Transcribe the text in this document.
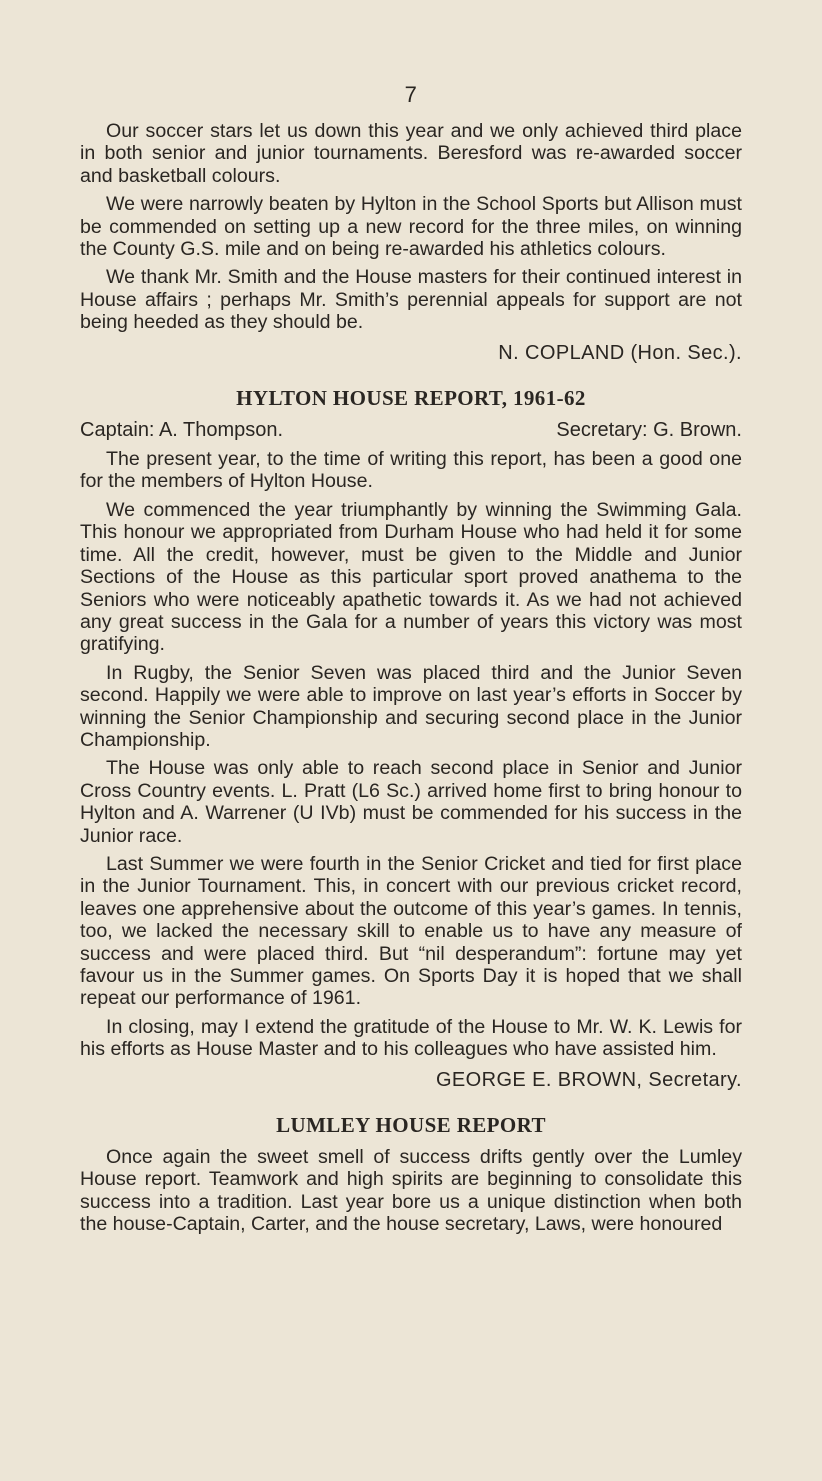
7

Our soccer stars let us down this year and we only achieved third place in both senior and junior tournaments. Beresford was re-awarded soccer and basketball colours.

We were narrowly beaten by Hylton in the School Sports but Allison must be commended on setting up a new record for the three miles, on winning the County G.S. mile and on being re-awarded his athletics colours.

We thank Mr. Smith and the House masters for their continued interest in House affairs ; perhaps Mr. Smith’s perennial appeals for support are not being heeded as they should be.

N. COPLAND (Hon. Sec.).

HYLTON HOUSE REPORT, 1961-62
Captain: A. Thompson.	Secretary: G. Brown.

The present year, to the time of writing this report, has been a good one for the members of Hylton House.

We commenced the year triumphantly by winning the Swimming Gala. This honour we appropriated from Durham House who had held it for some time. All the credit, however, must be given to the Middle and Junior Sections of the House as this particular sport proved anathema to the Seniors who were noticeably apathetic towards it. As we had not achieved any great success in the Gala for a number of years this victory was most gratifying.

In Rugby, the Senior Seven was placed third and the Junior Seven second. Happily we were able to improve on last year’s efforts in Soccer by winning the Senior Championship and securing second place in the Junior Championship.

The House was only able to reach second place in Senior and Junior Cross Country events. L. Pratt (L6 Sc.) arrived home first to bring honour to Hylton and A. Warrener (U IVb) must be commended for his success in the Junior race.

Last Summer we were fourth in the Senior Cricket and tied for first place in the Junior Tournament. This, in concert with our previous cricket record, leaves one apprehensive about the outcome of this year’s games. In tennis, too, we lacked the necessary skill to enable us to have any measure of success and were placed third. But “nil desperandum”: fortune may yet favour us in the Summer games. On Sports Day it is hoped that we shall repeat our performance of 1961.

In closing, may I extend the gratitude of the House to Mr. W. K. Lewis for his efforts as House Master and to his colleagues who have assisted him.

GEORGE E. BROWN, Secretary.

LUMLEY HOUSE REPORT

Once again the sweet smell of success drifts gently over the Lumley House report. Teamwork and high spirits are beginning to consolidate this success into a tradition. Last year bore us a unique distinction when both the house-Captain, Carter, and the house secretary, Laws, were honoured
